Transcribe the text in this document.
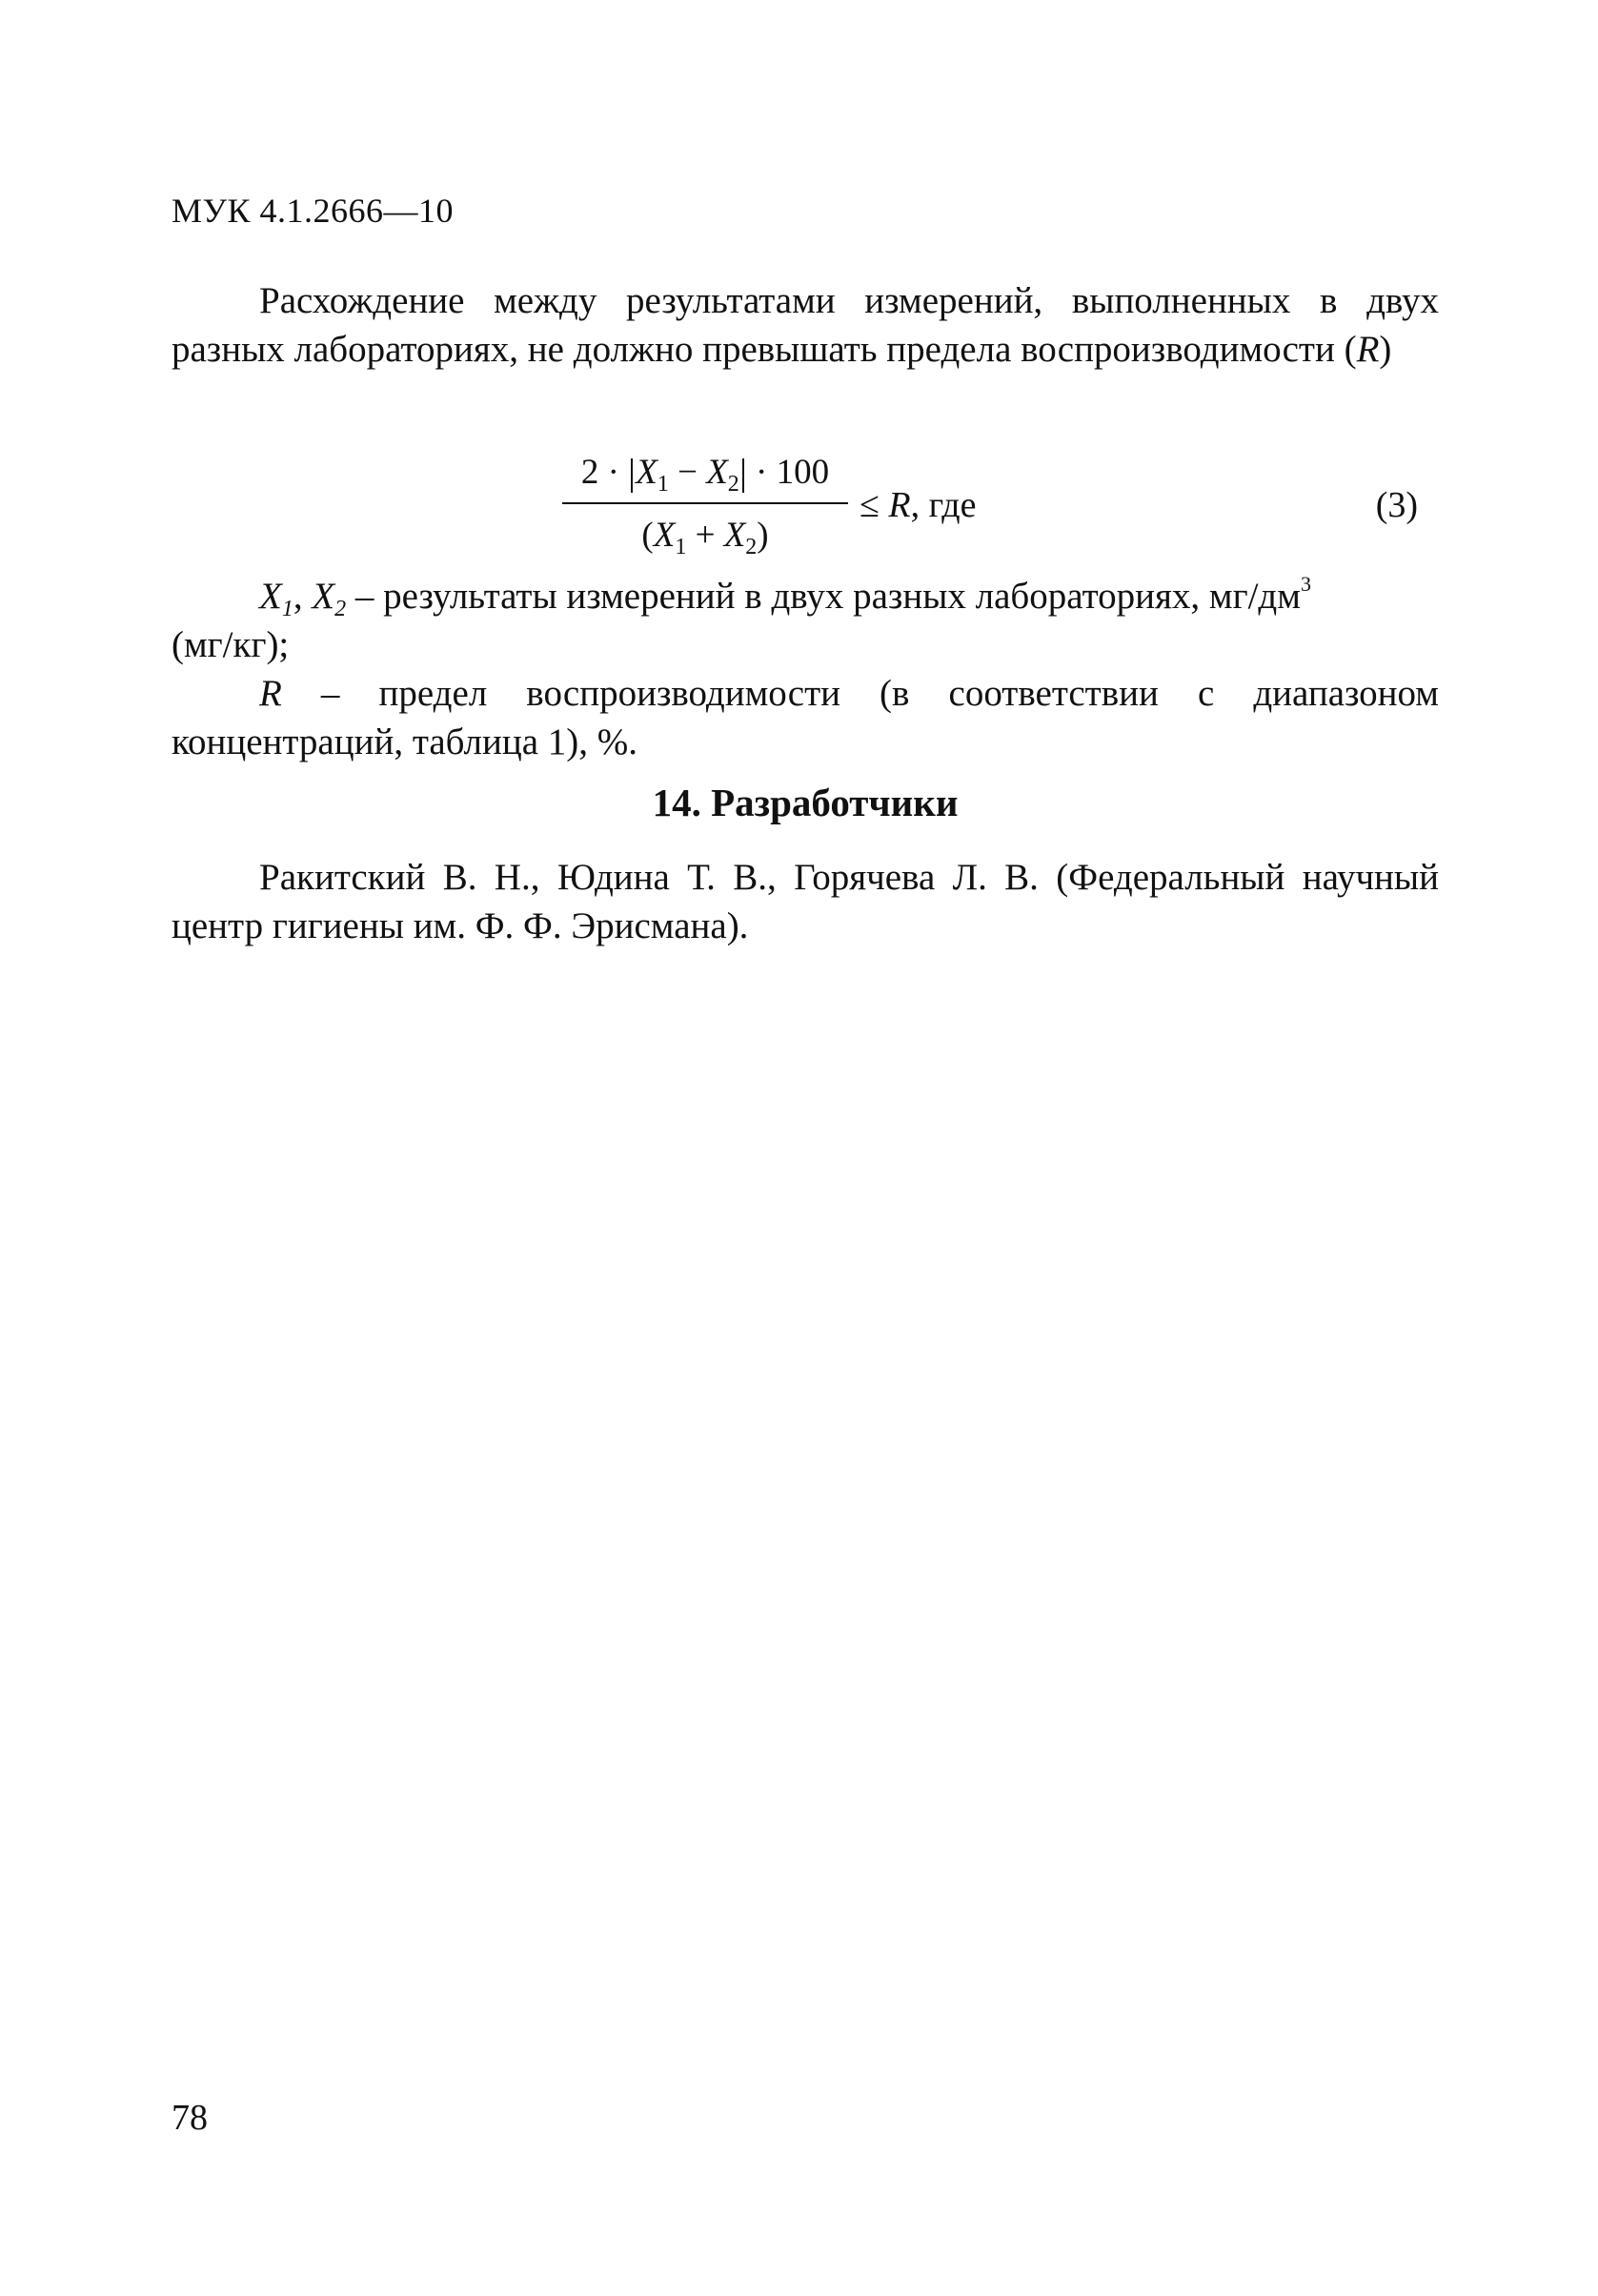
МУК 4.1.2666—10
Расхождение между результатами измерений, выполненных в двух разных лабораториях, не должно превышать предела воспроизводимости (R)
$2 \cdot X_1 - X_2 \cdot 100$
$(X_1 + X_2)$
≤ R, где	(3)

$X_1$, $X_2$ – результаты измерений в двух разных лабораториях, $мг/дм^3$
(мг/кг);

R – предел воспроизводимости (в соответствии с диапазоном концентраций, таблица 1), %.

14. Разработчики
Ракитский В. Н., Юдина Т. В., Горячева Л. В. (Федеральный научный центр гигиены им. Ф. Ф. Эрисмана).
78
